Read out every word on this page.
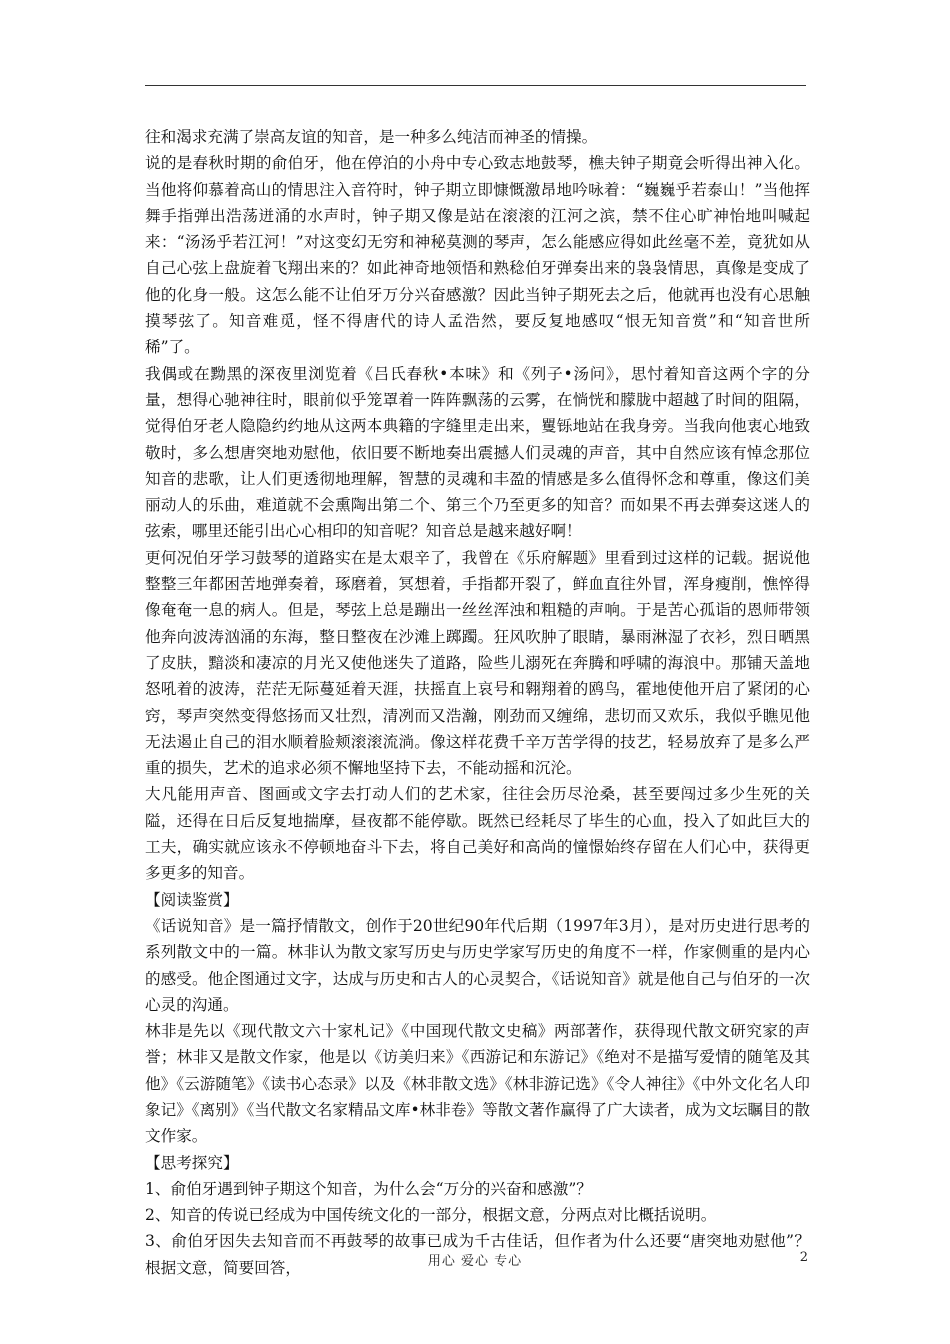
往和渴求充满了崇高友谊的知音，是一种多么纯洁而神圣的情操。

说的是春秋时期的俞伯牙，他在停泊的小舟中专心致志地鼓琴，樵夫钟子期竟会听得出神入化。当他将仰慕着高山的情思注入音符时，钟子期立即慷慨激昂地吟咏着：“巍巍乎若泰山！”当他挥舞手指弹出浩荡迸涌的水声时，钟子期又像是站在滚滚的江河之滨，禁不住心旷神怡地叫喊起来：“汤汤乎若江河！”对这变幻无穷和神秘莫测的琴声，怎么能感应得如此丝毫不差，竟犹如从自己心弦上盘旋着飞翔出来的？如此神奇地领悟和熟稔伯牙弹奏出来的袅袅情思，真像是变成了他的化身一般。这怎么能不让伯牙万分兴奋感激？因此当钟子期死去之后，他就再也没有心思触摸琴弦了。知音难觅，怪不得唐代的诗人孟浩然，要反复地感叹“恨无知音赏”和“知音世所稀”了。

我偶或在黝黑的深夜里浏览着《吕氏春秋•本味》和《列子•汤问》，思忖着知音这两个字的分量，想得心驰神往时，眼前似乎笼罩着一阵阵飘荡的云雾，在惝恍和朦胧中超越了时间的阻隔，觉得伯牙老人隐隐约约地从这两本典籍的字缝里走出来，矍铄地站在我身旁。当我向他衷心地致敬时，多么想唐突地劝慰他，依旧要不断地奏出震撼人们灵魂的声音，其中自然应该有悼念那位知音的悲歌，让人们更透彻地理解，智慧的灵魂和丰盈的情感是多么值得怀念和尊重，像这们美丽动人的乐曲，难道就不会熏陶出第二个、第三个乃至更多的知音？而如果不再去弹奏这迷人的弦索，哪里还能引出心心相印的知音呢？知音总是越来越好啊！

更何况伯牙学习鼓琴的道路实在是太艰辛了，我曾在《乐府解题》里看到过这样的记载。据说他整整三年都困苦地弹奏着，琢磨着，冥想着，手指都开裂了，鲜血直往外冒，浑身瘦削，憔悴得像奄奄一息的病人。但是，琴弦上总是蹦出一丝丝浑浊和粗糙的声响。于是苦心孤诣的恩师带领他奔向波涛汹涌的东海，整日整夜在沙滩上踯躅。狂风吹肿了眼睛，暴雨淋湿了衣衫，烈日晒黑了皮肤，黯淡和凄凉的月光又使他迷失了道路，险些儿溺死在奔腾和呼啸的海浪中。那铺天盖地怒吼着的波涛，茫茫无际蔓延着天涯，扶摇直上哀号和翱翔着的鸥鸟，霍地使他开启了紧闭的心窍，琴声突然变得悠扬而又壮烈，清冽而又浩瀚，刚劲而又缠绵，悲切而又欢乐，我似乎瞧见他无法遏止自己的泪水顺着脸颊滚滚流淌。像这样花费千辛万苦学得的技艺，轻易放弃了是多么严重的损失，艺术的追求必须不懈地坚持下去，不能动摇和沉沦。

大凡能用声音、图画或文字去打动人们的艺术家，往往会历尽沧桑，甚至要闯过多少生死的关隘，还得在日后反复地揣摩，昼夜都不能停歇。既然已经耗尽了毕生的心血，投入了如此巨大的工夫，确实就应该永不停顿地奋斗下去，将自己美好和高尚的憧憬始终存留在人们心中，获得更多更多的知音。

【阅读鉴赏】

《话说知音》是一篇抒情散文，创作于20世纪90年代后期（1997年3月），是对历史进行思考的系列散文中的一篇。林非认为散文家写历史与历史学家写历史的角度不一样，作家侧重的是内心的感受。他企图通过文字，达成与历史和古人的心灵契合，《话说知音》就是他自己与伯牙的一次心灵的沟通。

林非是先以《现代散文六十家札记》《中国现代散文史稿》两部著作，获得现代散文研究家的声誉；林非又是散文作家，他是以《访美归来》《西游记和东游记》《绝对不是描写爱情的随笔及其他》《云游随笔》《读书心态录》以及《林非散文选》《林非游记选》《令人神往》《中外文化名人印象记》《离别》《当代散文名家精品文库•林非卷》等散文著作赢得了广大读者，成为文坛瞩目的散文作家。

【思考探究】

1、俞伯牙遇到钟子期这个知音，为什么会“万分的兴奋和感激”？

2、知音的传说已经成为中国传统文化的一部分，根据文意，分两点对比概括说明。

3、俞伯牙因失去知音而不再鼓琴的故事已成为千古佳话，但作者为什么还要“唐突地劝慰他”？根据文意，简要回答，	用心 爱心 专心	2
